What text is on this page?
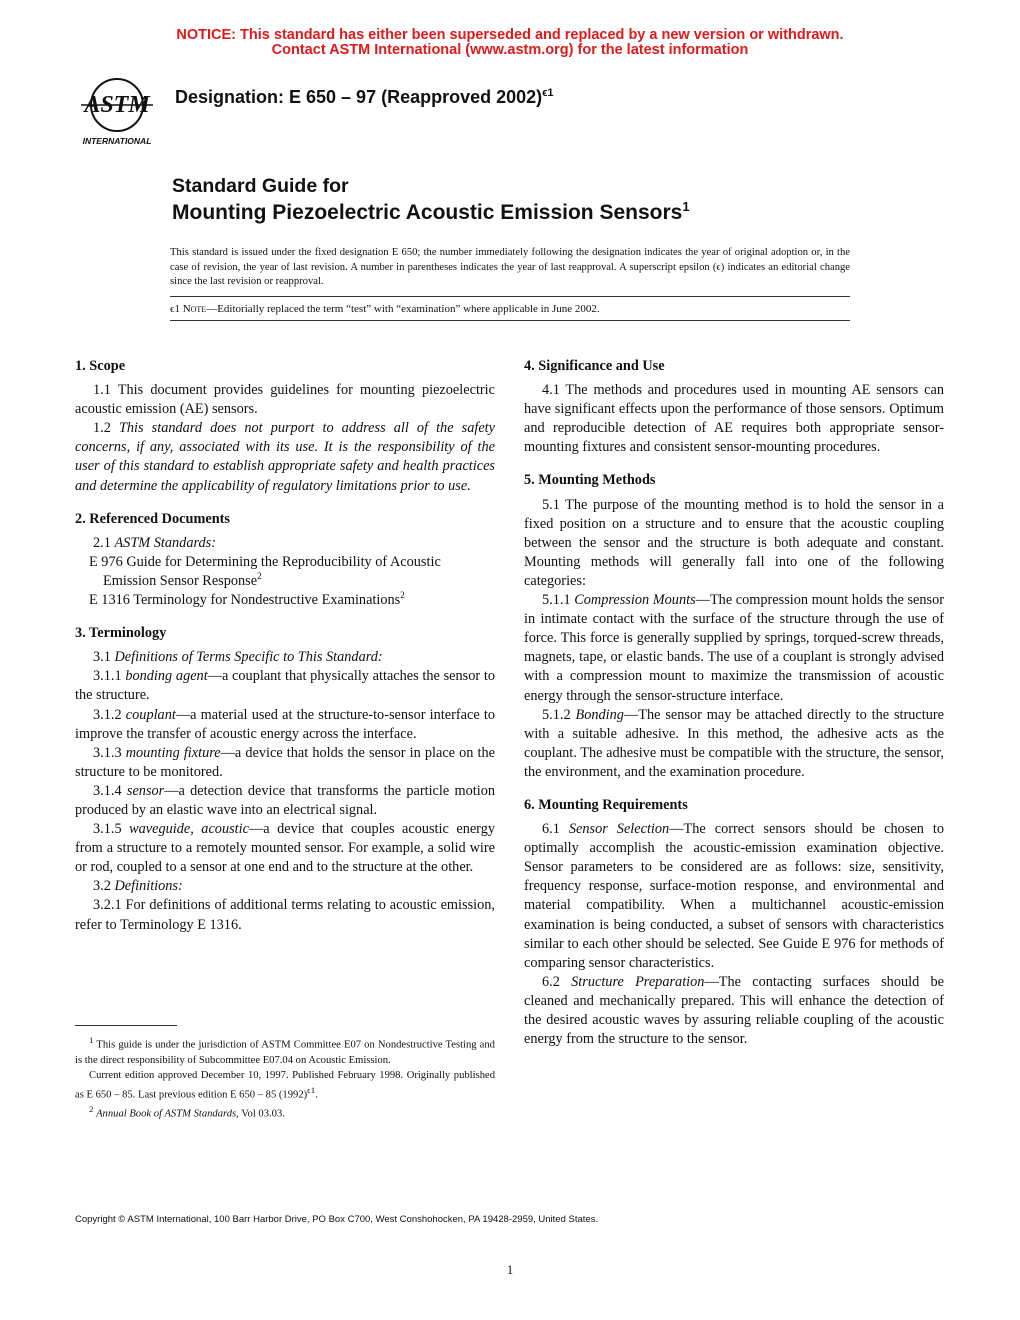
NOTICE: This standard has either been superseded and replaced by a new version or withdrawn.
Contact ASTM International (www.astm.org) for the latest information
ASTM
INTERNATIONAL
Designation: E 650 – 97 (Reapproved 2002)$^{\epsilon 1}$
Standard Guide for
Mounting Piezoelectric Acoustic Emission Sensors$^1$
This standard is issued under the fixed designation E 650; the number immediately following the designation indicates the year of original adoption or, in the case of revision, the year of last revision. A number in parentheses indicates the year of last reapproval. A superscript epsilon (ϵ) indicates an editorial change since the last revision or reapproval.
ϵ1 Note—Editorially replaced the term “test” with “examination” where applicable in June 2002.

1. Scope

1.1 This document provides guidelines for mounting piezoelectric acoustic emission (AE) sensors.

1.2 This standard does not purport to address all of the safety concerns, if any, associated with its use. It is the responsibility of the user of this standard to establish appropriate safety and health practices and determine the applicability of regulatory limitations prior to use.

2. Referenced Documents

2.1 ASTM Standards:

E 976 Guide for Determining the Reproducibility of Acoustic Emission Sensor Response$^2$

E 1316 Terminology for Nondestructive Examinations$^2$

3. Terminology

3.1 Definitions of Terms Specific to This Standard:

3.1.1 bonding agent—a couplant that physically attaches the sensor to the structure.

3.1.2 couplant—a material used at the structure-to-sensor interface to improve the transfer of acoustic energy across the interface.

3.1.3 mounting fixture—a device that holds the sensor in place on the structure to be monitored.

3.1.4 sensor—a detection device that transforms the particle motion produced by an elastic wave into an electrical signal.

3.1.5 waveguide, acoustic—a device that couples acoustic energy from a structure to a remotely mounted sensor. For example, a solid wire or rod, coupled to a sensor at one end and to the structure at the other.

3.2 Definitions:

3.2.1 For definitions of additional terms relating to acoustic emission, refer to Terminology E 1316.

4. Significance and Use

4.1 The methods and procedures used in mounting AE sensors can have significant effects upon the performance of those sensors. Optimum and reproducible detection of AE requires both appropriate sensor-mounting fixtures and consistent sensor-mounting procedures.

5. Mounting Methods

5.1 The purpose of the mounting method is to hold the sensor in a fixed position on a structure and to ensure that the acoustic coupling between the sensor and the structure is both adequate and constant. Mounting methods will generally fall into one of the following categories:

5.1.1 Compression Mounts—The compression mount holds the sensor in intimate contact with the surface of the structure through the use of force. This force is generally supplied by springs, torqued-screw threads, magnets, tape, or elastic bands. The use of a couplant is strongly advised with a compression mount to maximize the transmission of acoustic energy through the sensor-structure interface.

5.1.2 Bonding—The sensor may be attached directly to the structure with a suitable adhesive. In this method, the adhesive acts as the couplant. The adhesive must be compatible with the structure, the sensor, the environment, and the examination procedure.

6. Mounting Requirements

6.1 Sensor Selection—The correct sensors should be chosen to optimally accomplish the acoustic-emission examination objective. Sensor parameters to be considered are as follows: size, sensitivity, frequency response, surface-motion response, and environmental and material compatibility. When a multichannel acoustic-emission examination is being conducted, a subset of sensors with characteristics similar to each other should be selected. See Guide E 976 for methods of comparing sensor characteristics.

6.2 Structure Preparation—The contacting surfaces should be cleaned and mechanically prepared. This will enhance the detection of the desired acoustic waves by assuring reliable coupling of the acoustic energy from the structure to the sensor.

$^1$ This guide is under the jurisdiction of ASTM Committee E07 on Nondestructive Testing and is the direct responsibility of Subcommittee E07.04 on Acoustic Emission.

Current edition approved December 10, 1997. Published February 1998. Originally published as E 650 – 85. Last previous edition E 650 – 85 $(1992)^{\epsilon 1}$.

$^2$ Annual Book of ASTM Standards, Vol 03.03.

Copyright © ASTM International, 100 Barr Harbor Drive, PO Box C700, West Conshohocken, PA 19428-2959, United States.
1
